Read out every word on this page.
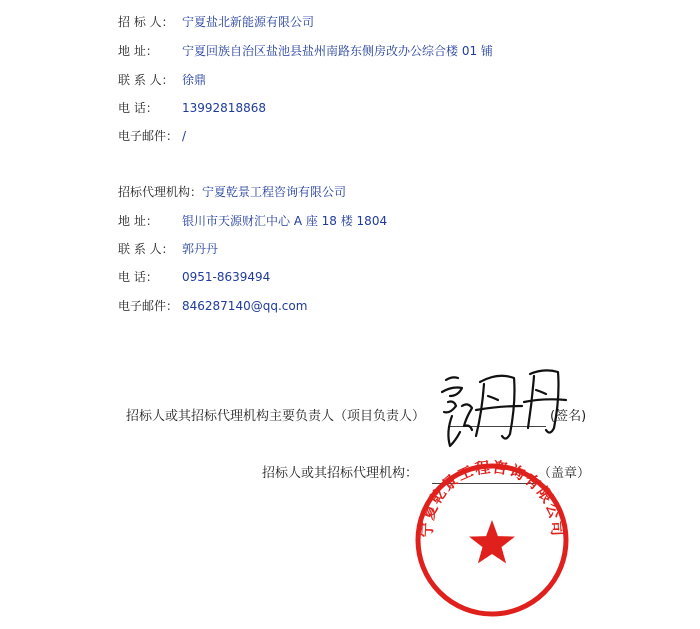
招 标 人： 宁夏盐北新能源有限公司
地 址： 宁夏回族自治区盐池县盐州南路东侧房改办公综合楼 01 铺
联 系 人： 徐鼎
电 话： 13992818868
电子邮件： /
招标代理机构：宁夏乾景工程咨询有限公司
地 址： 银川市天源财汇中心 A 座 18 楼 1804
联 系 人： 郭丹丹
电 话： 0951-8639494
电子邮件： 846287140@qq.com
招标人或其招标代理机构主要负责人（项目负责人）	(签名)
招标人或其招标代理机构：	（盖章）
宁夏乾景工程咨询有限公司
